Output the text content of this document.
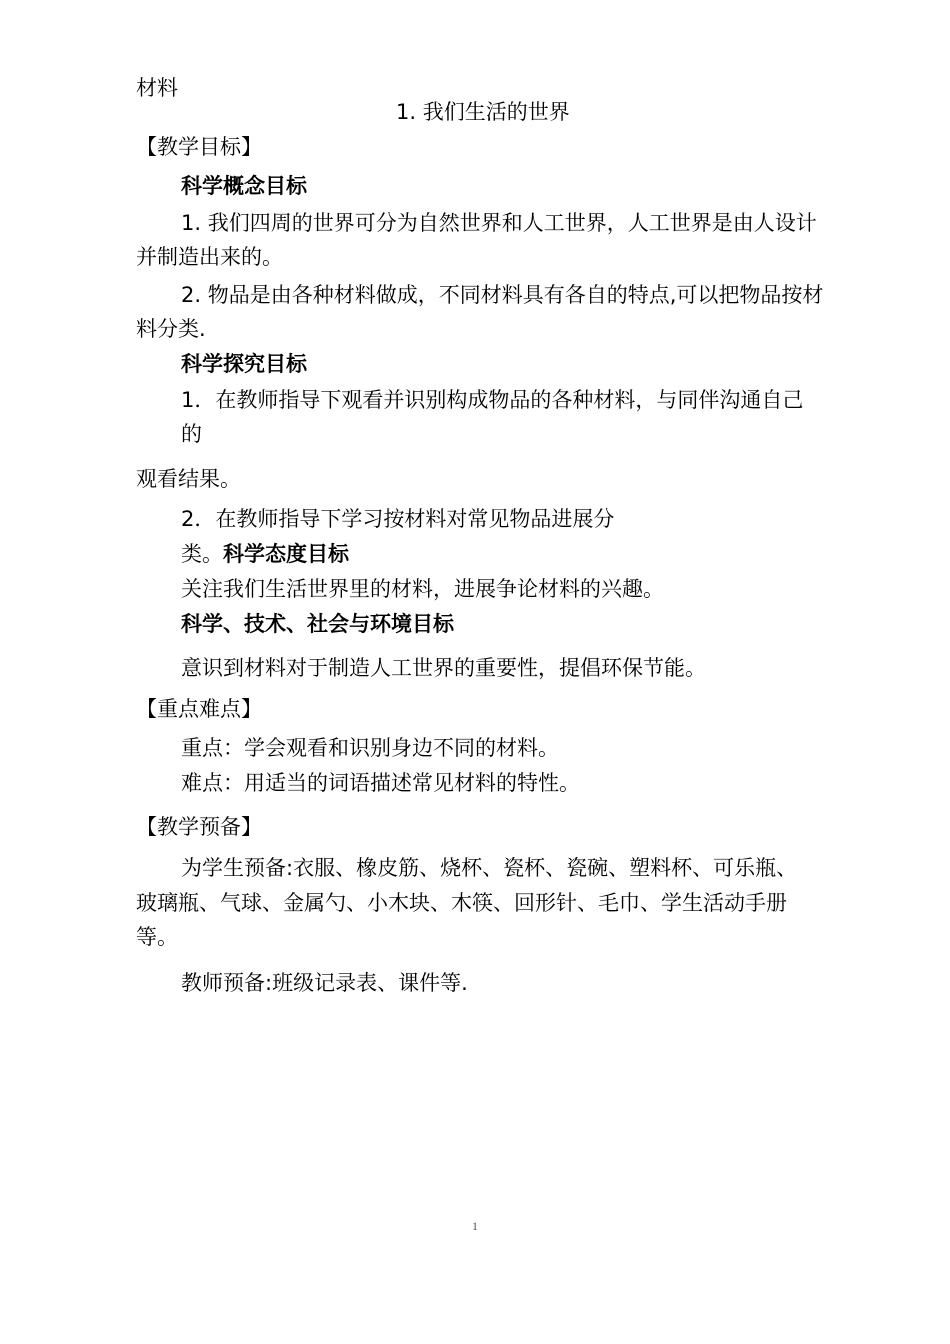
材料
1. 我们生活的世界
【教学目标】
科学概念目标
1. 我们四周的世界可分为自然世界和人工世界，人工世界是由人设计
并制造出来的。
2. 物品是由各种材料做成，不同材料具有各自的特点,可以把物品按材
料分类.
科学探究目标
1．在教师指导下观看并识别构成物品的各种材料，与同伴沟通自己
的
观看结果。
2．在教师指导下学习按材料对常见物品进展分
类。科学态度目标
关注我们生活世界里的材料，进展争论材料的兴趣。
科学、技术、社会与环境目标
意识到材料对于制造人工世界的重要性，提倡环保节能。
【重点难点】
重点：学会观看和识别身边不同的材料。
难点：用适当的词语描述常见材料的特性。
【教学预备】
为学生预备:衣服、橡皮筋、烧杯、瓷杯、瓷碗、塑料杯、可乐瓶、
玻璃瓶、气球、金属勺、小木块、木筷、回形针、毛巾、学生活动手册
等。
教师预备:班级记录表、课件等.
1
